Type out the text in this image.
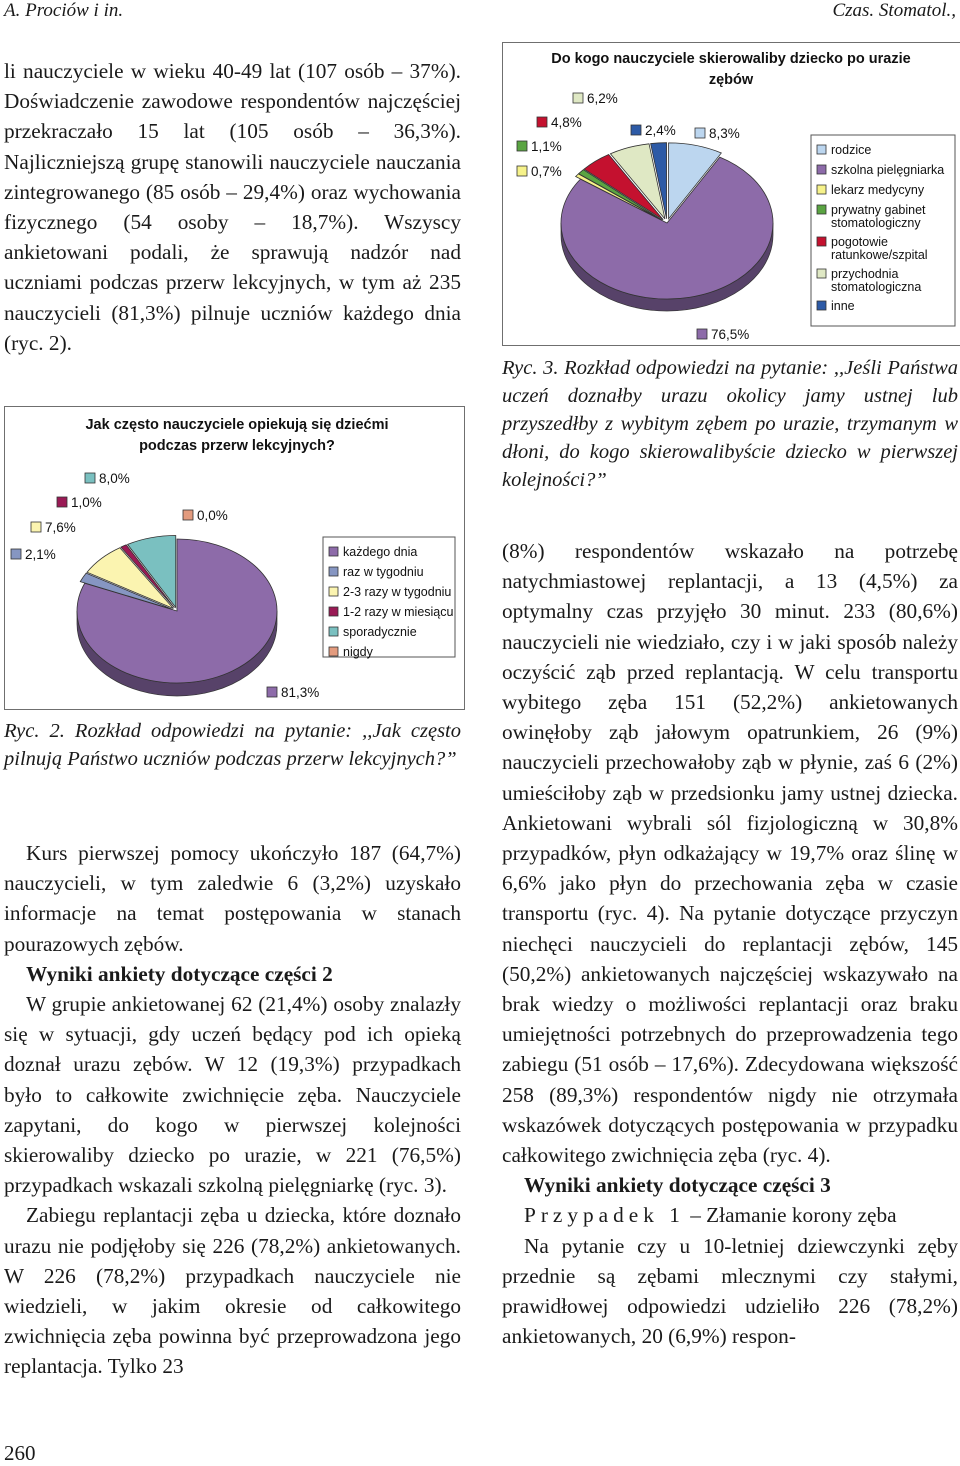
A. Prociów i in.	Czas. Stomatol.,

li nauczyciele w wieku 40-49 lat (107 osób – 37%). Doświadczenie zawodowe respondentów najczęściej przekraczało 15 lat (105 osób – 36,3%). Najliczniejszą grupę stanowili nauczyciele nauczania zintegrowanego (85 osób – 29,4%) oraz wychowania fizycznego (54 osoby – 18,7%). Wszyscy ankietowani podali, że sprawują nadzór nad uczniami podczas przerw lekcyjnych, w tym aż 235 nauczycieli (81,3%) pilnuje uczniów każdego dnia (ryc. 2).

Jak często nauczyciele opiekują się dziećmi
podczas przerw lekcyjnych?
81,3%
2,1%
7,6%
1,0%
8,0%
0,0%
każdego dnia
raz w tygodniu
2-3 razy w tygodniu
1-2 razy w miesiącu
sporadycznie
nigdy
Ryc. 2. Rozkład odpowiedzi na pytanie: ,,Jak często pilnują Państwo uczniów podczas przerw lekcyjnych?”

Kurs pierwszej pomocy ukończyło 187 (64,7%) nauczycieli, w tym zaledwie 6 (3,2%) uzyskało informacje na temat postępowania w stanach pourazowych zębów.

Wyniki ankiety dotyczące części 2

W grupie ankietowanej 62 (21,4%) osoby znalazły się w sytuacji, gdy uczeń będący pod ich opieką doznał urazu zębów. W 12 (19,3%) przypadkach było to całkowite zwichnięcie zęba. Nauczyciele zapytani, do kogo w pierwszej kolejności skierowaliby dziecko po urazie, w 221 (76,5%) przypadkach wskazali szkolną pielęgniarkę (ryc. 3).

Zabiegu replantacji zęba u dziecka, które doznało urazu nie podjęłoby się 226 (78,2%) ankietowanych. W 226 (78,2%) przypadkach nauczyciele nie wiedzieli, w jakim okresie od całkowitego zwichnięcia zęba powinna być przeprowadzona jego replantacja. Tylko 23

Do kogo nauczyciele skierowaliby dziecko po urazie
zębów
8,3%
76,5%
0,7%
1,1%
4,8%
6,2%
2,4%
rodzice
szkolna pielęgniarka
lekarz medycyny
prywatny gabinet
stomatologiczny
pogotowie
ratunkowe/szpital
przychodnia
stomatologiczna
inne
Ryc. 3. Rozkład odpowiedzi na pytanie: ,,Jeśli Państwa uczeń doznałby urazu okolicy jamy ustnej lub przyszedłby z wybitym zębem po urazie, trzymanym w dłoni, do kogo skierowalibyście dziecko w pierwszej kolejności?”

(8%) respondentów wskazało na potrzebę natychmiastowej replantacji, a 13 (4,5%) za optymalny czas przyjęło 30 minut. 233 (80,6%) nauczycieli nie wiedziało, czy i w jaki sposób należy oczyścić ząb przed replantacją. W celu transportu wybitego zęba 151 (52,2%) ankietowanych owinęłoby ząb jałowym opatrunkiem, 26 (9%) nauczycieli przechowałoby ząb w płynie, zaś 6 (2%) umieściłoby ząb w przedsionku jamy ustnej dziecka. Ankietowani wybrali sól fizjologiczną w 30,8% przypadków, płyn odkażający w 19,7% oraz ślinę w 6,6% jako płyn do przechowania zęba w czasie transportu (ryc. 4). Na pytanie dotyczące przyczyn niechęci nauczycieli do replantacji zębów, 145 (50,2%) ankietowanych najczęściej wskazywało na brak wiedzy o możliwości replantacji oraz braku umiejętności potrzebnych do przeprowadzenia tego zabiegu (51 osób – 17,6%). Zdecydowana większość 258 (89,3%) respondentów nigdy nie otrzymała wskazówek dotyczących postępowania w przypadku całkowitego zwichnięcia zęba (ryc. 4).

Wyniki ankiety dotyczące części 3

Przypadek 1 – Złamanie korony zęba

Na pytanie czy u 10-letniej dziewczynki zęby przednie są zębami mlecznymi czy stałymi, prawidłowej odpowiedzi udzieliło 226 (78,2%) ankietowanych, 20 (6,9%) respon-

260
